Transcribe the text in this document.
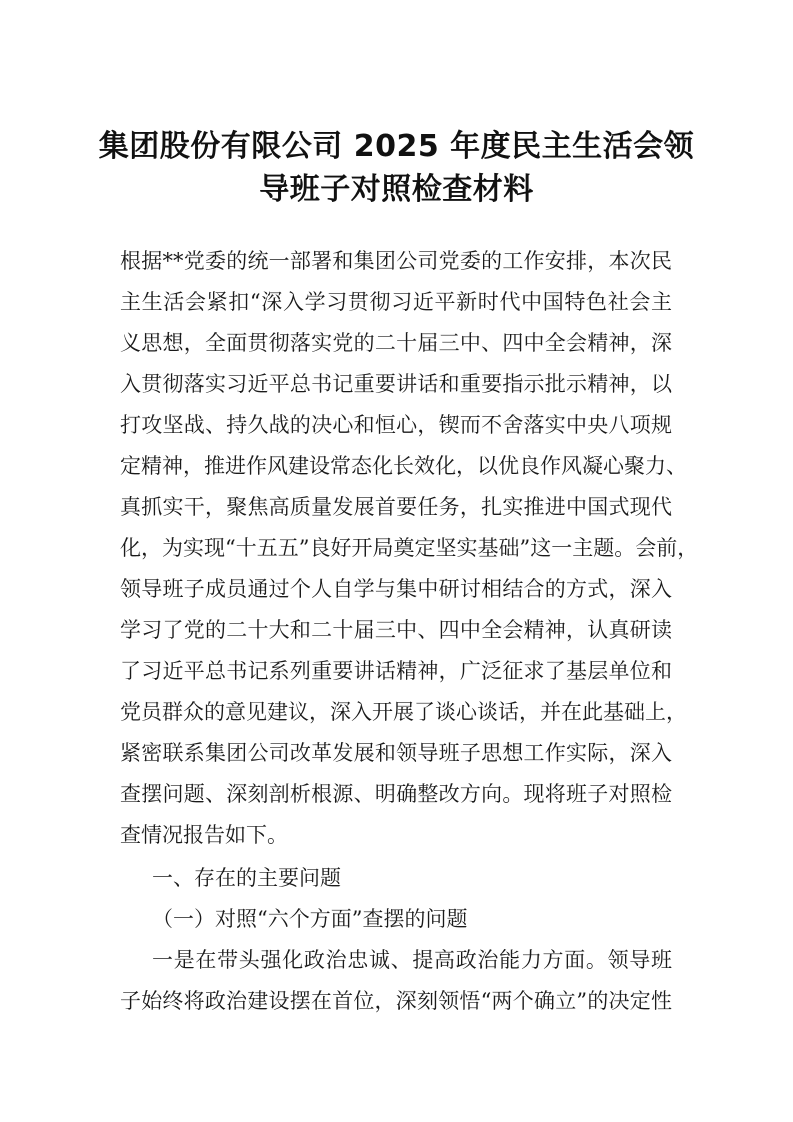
集团股份有限公司 2025 年度民主生活会领
导班子对照检查材料
根据**党委的统一部署和集团公司党委的工作安排，本次民
主生活会紧扣“深入学习贯彻习近平新时代中国特色社会主
义思想，全面贯彻落实党的二十届三中、四中全会精神，深
入贯彻落实习近平总书记重要讲话和重要指示批示精神，以
打攻坚战、持久战的决心和恒心，锲而不舍落实中央八项规
定精神，推进作风建设常态化长效化，以优良作风凝心聚力、
真抓实干，聚焦高质量发展首要任务，扎实推进中国式现代
化，为实现“十五五”良好开局奠定坚实基础”这一主题。会前，
领导班子成员通过个人自学与集中研讨相结合的方式，深入
学习了党的二十大和二十届三中、四中全会精神，认真研读
了习近平总书记系列重要讲话精神，广泛征求了基层单位和
党员群众的意见建议，深入开展了谈心谈话，并在此基础上，
紧密联系集团公司改革发展和领导班子思想工作实际，深入
查摆问题、深刻剖析根源、明确整改方向。现将班子对照检
查情况报告如下。
一、存在的主要问题
（一）对照“六个方面”查摆的问题
一是在带头强化政治忠诚、提高政治能力方面。领导班
子始终将政治建设摆在首位，深刻领悟“两个确立”的决定性
